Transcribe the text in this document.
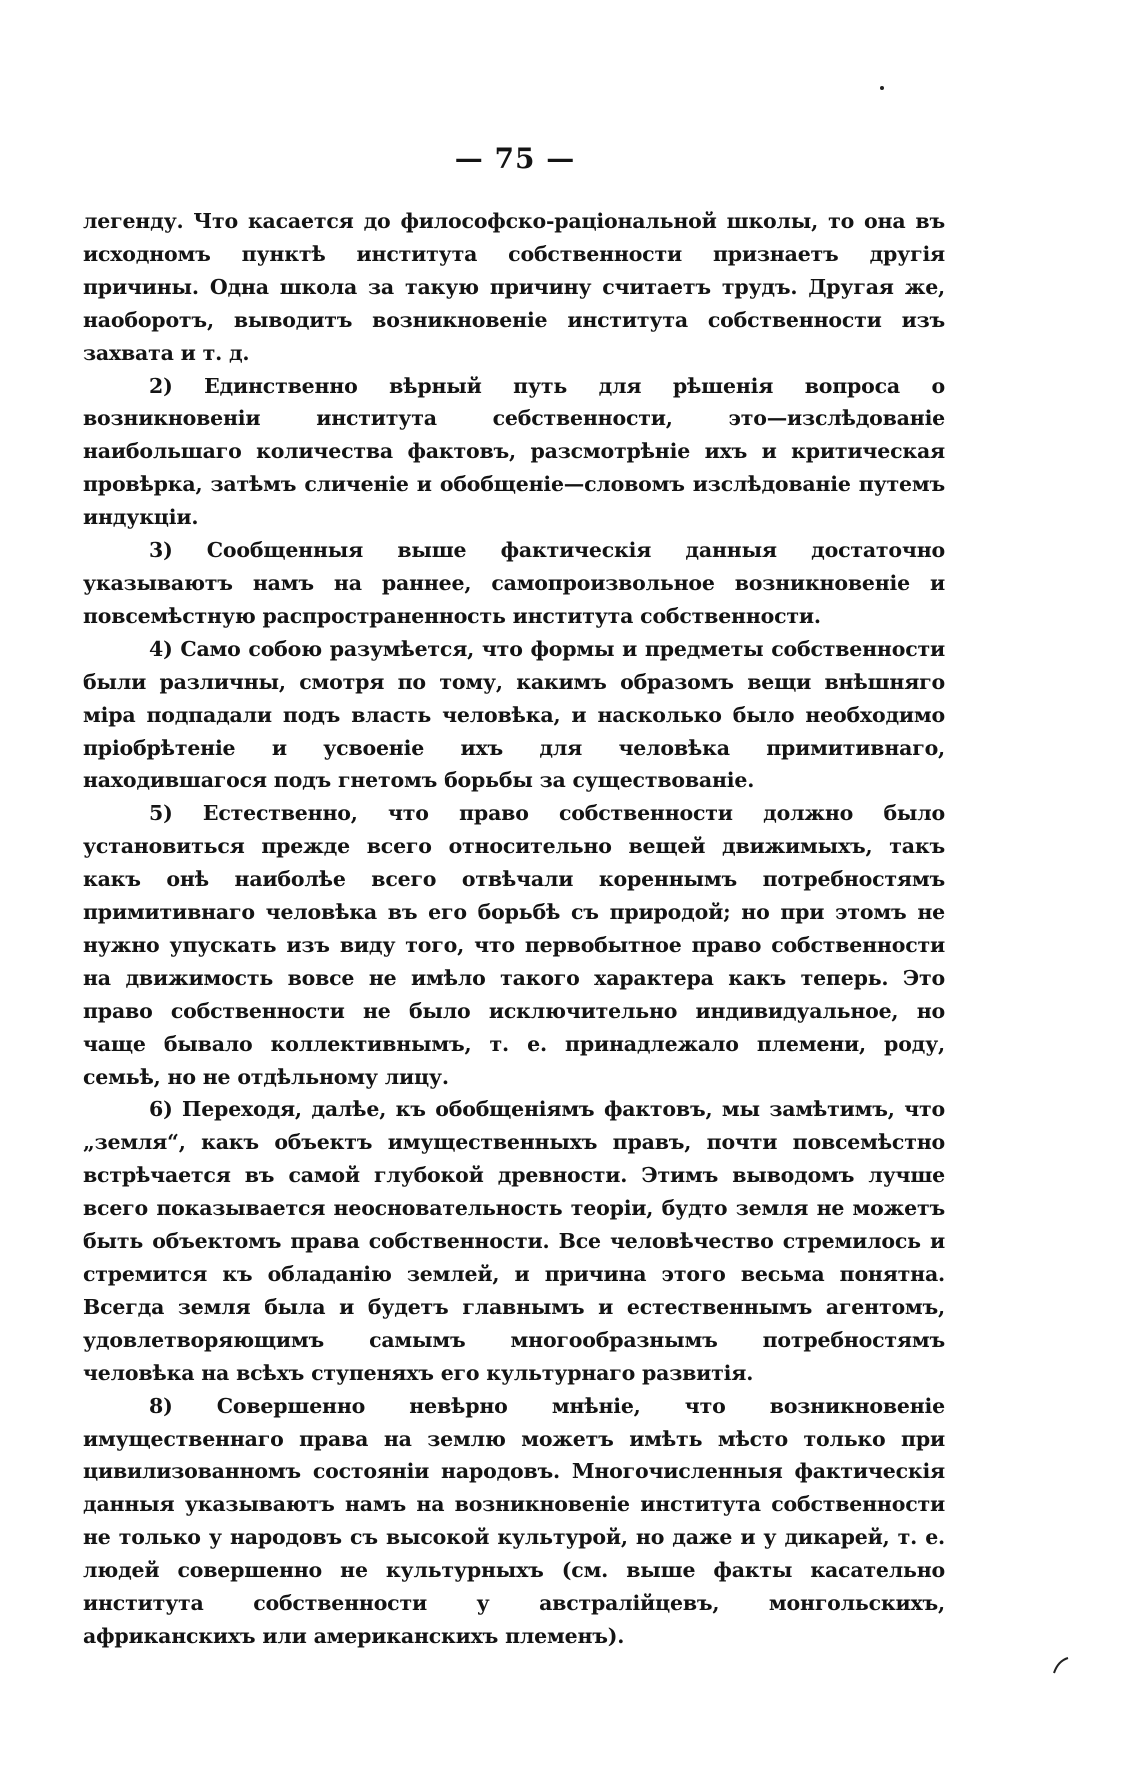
— 75 —

легенду. Что касается до философско-раціональной школы, то она въ исходномъ пунктѣ института собственности признаетъ другія причины. Одна школа за такую причину считаетъ трудъ. Другая же, наоборотъ, выводитъ возникновеніе института собственности изъ захвата и т. д.

2) Единственно вѣрный путь для рѣшенія вопроса о возникновеніи института себственности, это—изслѣдованіе наибольшаго количества фактовъ, разсмотрѣніе ихъ и критическая провѣрка, затѣмъ сличеніе и обобщеніе—словомъ изслѣдованіе путемъ индукціи.

3) Сообщенныя выше фактическія данныя достаточно указываютъ намъ на раннее, самопроизвольное возникновеніе и повсемѣстную распространенность института собственности.

4) Само собою разумѣется, что формы и предметы собственности были различны, смотря по тому, какимъ образомъ вещи внѣшняго міра подпадали подъ власть человѣка, и насколько было необходимо пріобрѣтеніе и усвоеніе ихъ для человѣка примитивнаго, находившагося подъ гнетомъ борьбы за существованіе.

5) Естественно, что право собственности должно было установиться прежде всего относительно вещей движимыхъ, такъ какъ онѣ наиболѣе всего отвѣчали кореннымъ потребностямъ примитивнаго человѣка въ его борьбѣ съ природой; но при этомъ не нужно упускать изъ виду того, что первобытное право собственности на движимость вовсе не имѣло такого характера какъ теперь. Это право собственности не было исключительно индивидуальное, но чаще бывало коллективнымъ, т. е. принадлежало племени, роду, семьѣ, но не отдѣльному лицу.

6) Переходя, далѣе, къ обобщеніямъ фактовъ, мы замѣтимъ, что „земля“, какъ объектъ имущественныхъ правъ, почти повсемѣстно встрѣчается въ самой глубокой древности. Этимъ выводомъ лучше всего показывается неосновательность теоріи, будто земля не можетъ быть объектомъ права собственности. Все человѣчество стремилось и стремится къ обладанію землей, и причина этого весьма понятна. Всегда земля была и будетъ главнымъ и естественнымъ агентомъ, удовлетворяющимъ самымъ многообразнымъ потребностямъ человѣка на всѣхъ ступеняхъ его культурнаго развитія.

8) Совершенно невѣрно мнѣніе, что возникновеніе имущественнаго права на землю можетъ имѣть мѣсто только при цивилизованномъ состояніи народовъ. Многочисленныя фактическія данныя указываютъ намъ на возникновеніе института собственности не только у народовъ съ высокой культурой, но даже и у дикарей, т. е. людей совершенно не культурныхъ (см. выше факты касательно института собственности у австралійцевъ, монгольскихъ, африканскихъ или американскихъ племенъ).
